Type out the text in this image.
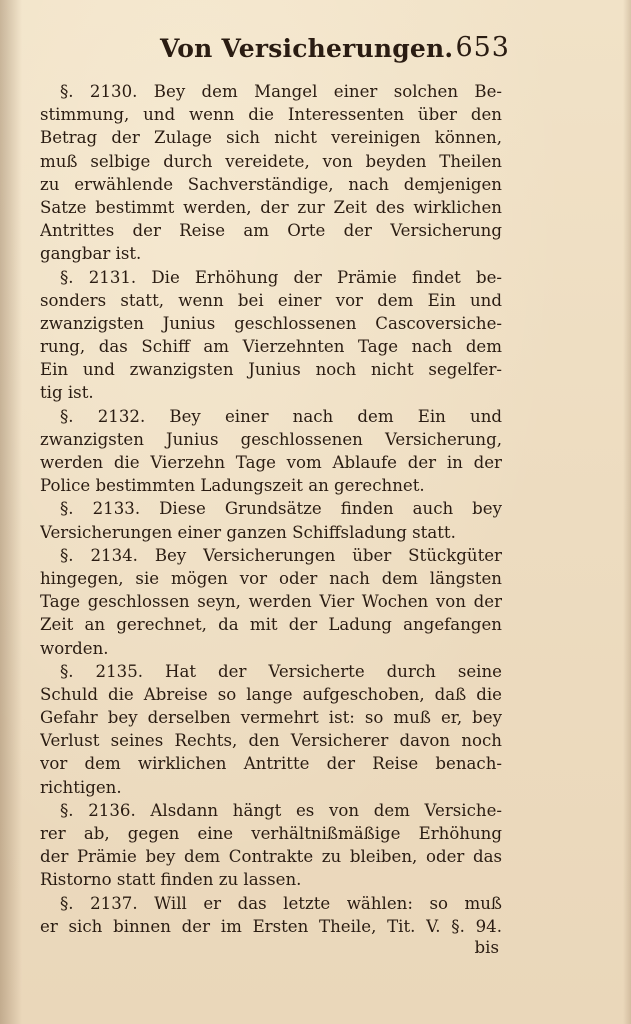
Von Versicherungen. 653
§. 2130. Bey dem Mangel einer solchen Be-
stimmung, und wenn die Interessenten über den
Betrag der Zulage sich nicht vereinigen können,
muß selbige durch vereidete, von beyden Theilen
zu erwählende Sachverständige, nach demjenigen
Satze bestimmt werden, der zur Zeit des wirklichen
Antrittes der Reise am Orte der Versicherung
gangbar ist.
§. 2131. Die Erhöhung der Prämie findet be-
sonders statt, wenn bei einer vor dem Ein und
zwanzigsten Junius geschlossenen Cascoversiche-
rung, das Schiff am Vierzehnten Tage nach dem
Ein und zwanzigsten Junius noch nicht segelfer-
tig ist.
§. 2132. Bey einer nach dem Ein und
zwanzigsten Junius geschlossenen Versicherung,
werden die Vierzehn Tage vom Ablaufe der in der
Police bestimmten Ladungszeit an gerechnet.
§. 2133. Diese Grundsätze finden auch bey
Versicherungen einer ganzen Schiffsladung statt.
§. 2134. Bey Versicherungen über Stückgüter
hingegen, sie mögen vor oder nach dem längsten
Tage geschlossen seyn, werden Vier Wochen von der
Zeit an gerechnet, da mit der Ladung angefangen
worden.
§. 2135. Hat der Versicherte durch seine
Schuld die Abreise so lange aufgeschoben, daß die
Gefahr bey derselben vermehrt ist: so muß er, bey
Verlust seines Rechts, den Versicherer davon noch
vor dem wirklichen Antritte der Reise benach-
richtigen.
§. 2136. Alsdann hängt es von dem Versiche-
rer ab, gegen eine verhältnißmäßige Erhöhung
der Prämie bey dem Contrakte zu bleiben, oder das
Ristorno statt finden zu lassen.
§. 2137. Will er das letzte wählen: so muß
er sich binnen der im Ersten Theile, Tit. V. §. 94.
bis
